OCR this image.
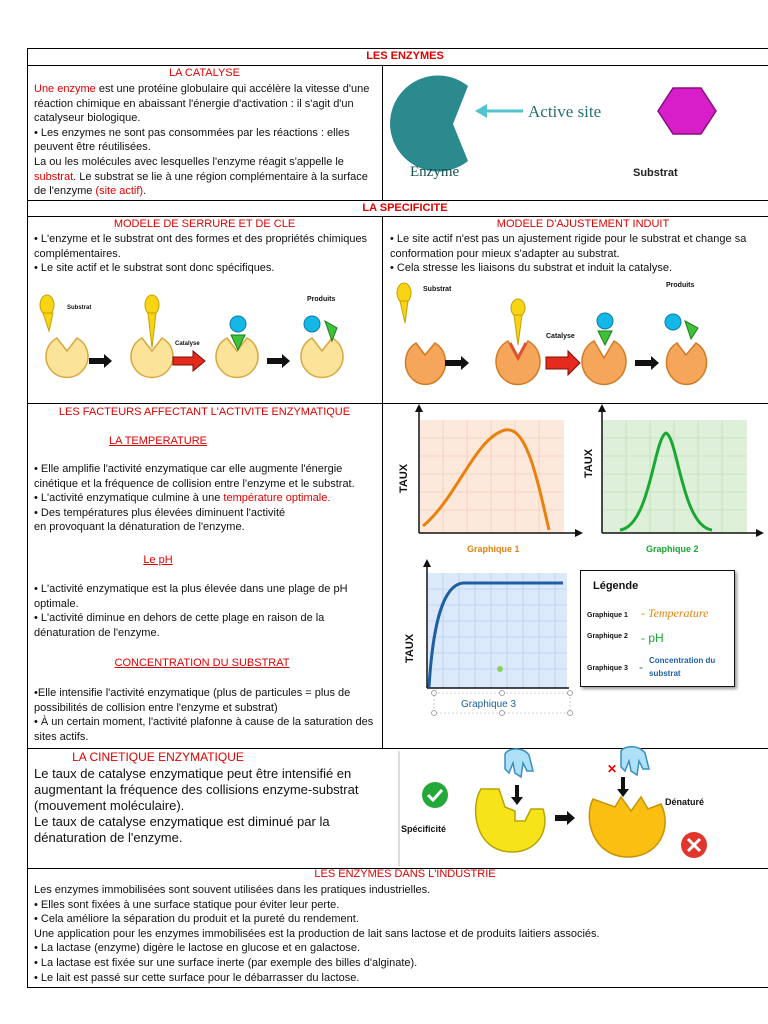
LES ENZYMES
LA CATALYSE

Une enzyme est une protéine globulaire qui accélère la vitesse d'une réaction chimique en abaissant l'énergie d'activation : il s'agit d'un catalyseur biologique.

• Les enzymes ne sont pas consommées par les réactions : elles peuvent être réutilisées.

La ou les molécules avec lesquelles l'enzyme réagit s'appelle le substrat. Le substrat se lie à une région complémentaire à la surface de l'enzyme (site actif).

Active site
Enzyme	Substrat
LA SPECIFICITE
MODELE DE SERRURE ET DE CLE

• L'enzyme et le substrat ont des formes et des propriétés chimiques complémentaires.

• Le site actif et le substrat sont donc spécifiques.

MODELE D'AJUSTEMENT INDUIT

• Le site actif n'est pas un ajustement rigide pour le substrat et change sa conformation pour mieux s'adapter au substrat.

• Cela stresse les liaisons du substrat et induit la catalyse.

Substrat
Catalyse
Produits
Substrat
Catalyse
Produits
LES FACTEURS AFFECTANT L'ACTIVITE ENZYMATIQUE
LA TEMPERATURE

• Elle amplifie l'activité enzymatique car elle augmente l'énergie cinétique et la fréquence de collision entre l'enzyme et le substrat.

• L'activité enzymatique culmine à une température optimale.

• Des températures plus élevées diminuent l'activité

en provoquant la dénaturation de l'enzyme.

Le pH

• L'activité enzymatique est la plus élevée dans une plage de pH optimale.

• L'activité diminue en dehors de cette plage en raison de la dénaturation de l'enzyme.

CONCENTRATION DU SUBSTRAT

•Elle intensifie l'activité enzymatique (plus de particules = plus de possibilités de collision entre l'enzyme et substrat)

• À un certain moment, l'activité plafonne à cause de la saturation des sites actifs.

TAUX
Graphique 1
TAUX
Graphique 2
TAUX
Graphique 3
Légende
Graphique 1 - Temperature
Graphique 2 - pH
Graphique 3 - Concentration du
substrat
LA CINETIQUE ENZYMATIQUE

Le taux de catalyse enzymatique peut être intensifié en augmentant la fréquence des collisions enzyme-substrat (mouvement moléculaire).

Le taux de catalyse enzymatique est diminué par la dénaturation de l'enzyme.

Spécificité
✕
Dénaturé
LES ENZYMES DANS L'INDUSTRIE

Les enzymes immobilisées sont souvent utilisées dans les pratiques industrielles.

• Elles sont fixées à une surface statique pour éviter leur perte.

• Cela améliore la séparation du produit et la pureté du rendement.

Une application pour les enzymes immobilisées est la production de lait sans lactose et de produits laitiers associés.

• La lactase (enzyme) digère le lactose en glucose et en galactose.

• La lactase est fixée sur une surface inerte (par exemple des billes d'alginate).

• Le lait est passé sur cette surface pour le débarrasser du lactose.
